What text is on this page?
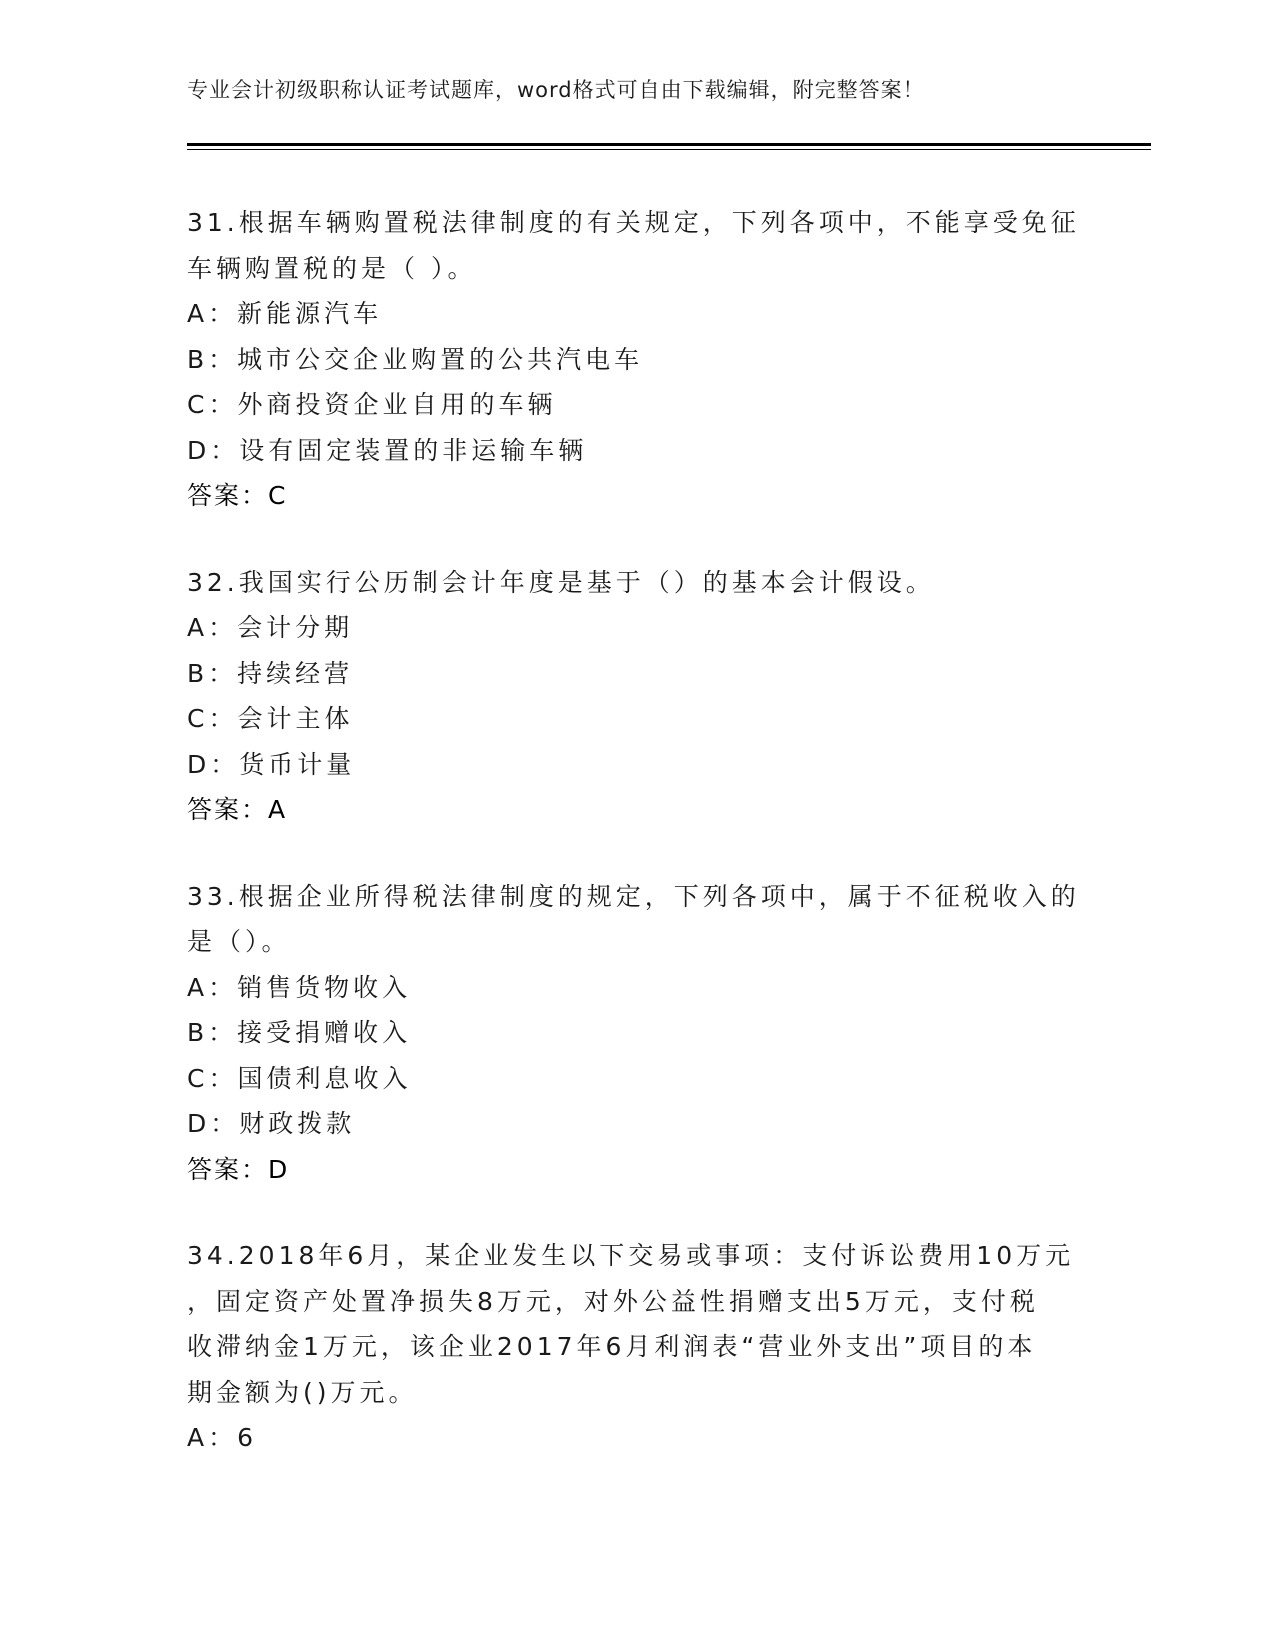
专业会计初级职称认证考试题库，word格式可自由下载编辑，附完整答案！
31.根据车辆购置税法律制度的有关规定，下列各项中，不能享受免征
车辆购置税的是（ ）。
A：新能源汽车
B：城市公交企业购置的公共汽电车
C：外商投资企业自用的车辆
D：设有固定装置的非运输车辆
答案：C
32.我国实行公历制会计年度是基于（）的基本会计假设。
A：会计分期
B：持续经营
C：会计主体
D：货币计量
答案：A
33.根据企业所得税法律制度的规定，下列各项中，属于不征税收入的
是（）。
A：销售货物收入
B：接受捐赠收入
C：国债利息收入
D：财政拨款
答案：D
34.2018年6月，某企业发生以下交易或事项：支付诉讼费用10万元
，固定资产处置净损失8万元，对外公益性捐赠支出5万元，支付税
收滞纳金1万元，该企业2017年6月利润表“营业外支出”项目的本
期金额为()万元。
A：6
